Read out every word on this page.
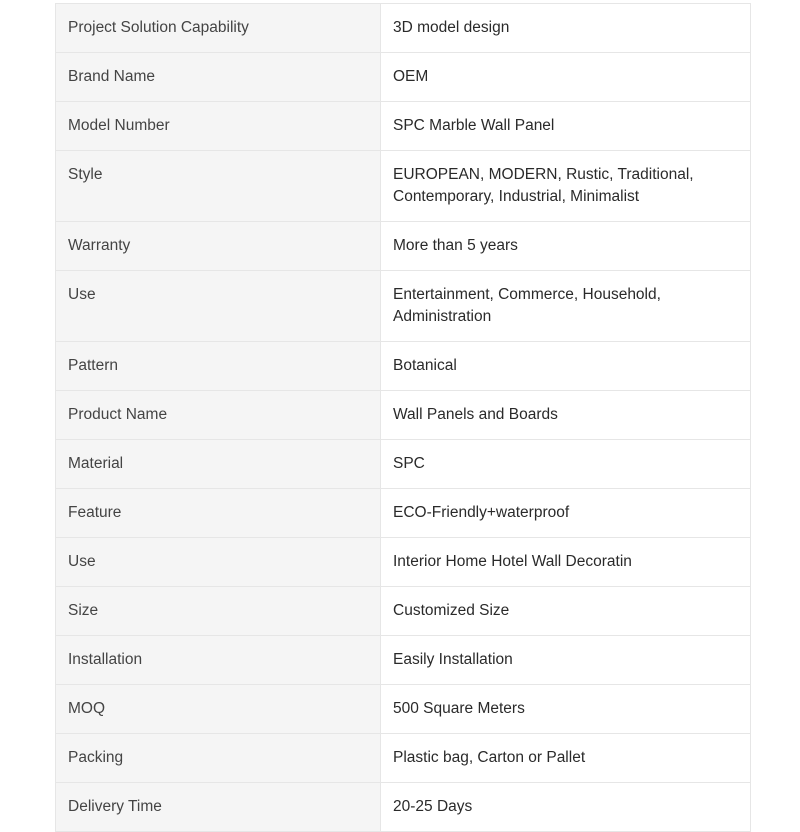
Project Solution Capability	3D model design
Brand Name	OEM
Model Number	SPC Marble Wall Panel
Style	EUROPEAN, MODERN, Rustic, Traditional, Contemporary, Industrial, Minimalist
Warranty	More than 5 years
Use	Entertainment, Commerce, Household, Administration
Pattern	Botanical
Product Name	Wall Panels and Boards
Material	SPC
Feature	ECO-Friendly+waterproof
Use	Interior Home Hotel Wall Decoratin
Size	Customized Size
Installation	Easily Installation
MOQ	500 Square Meters
Packing	Plastic bag, Carton or Pallet
Delivery Time	20-25 Days
